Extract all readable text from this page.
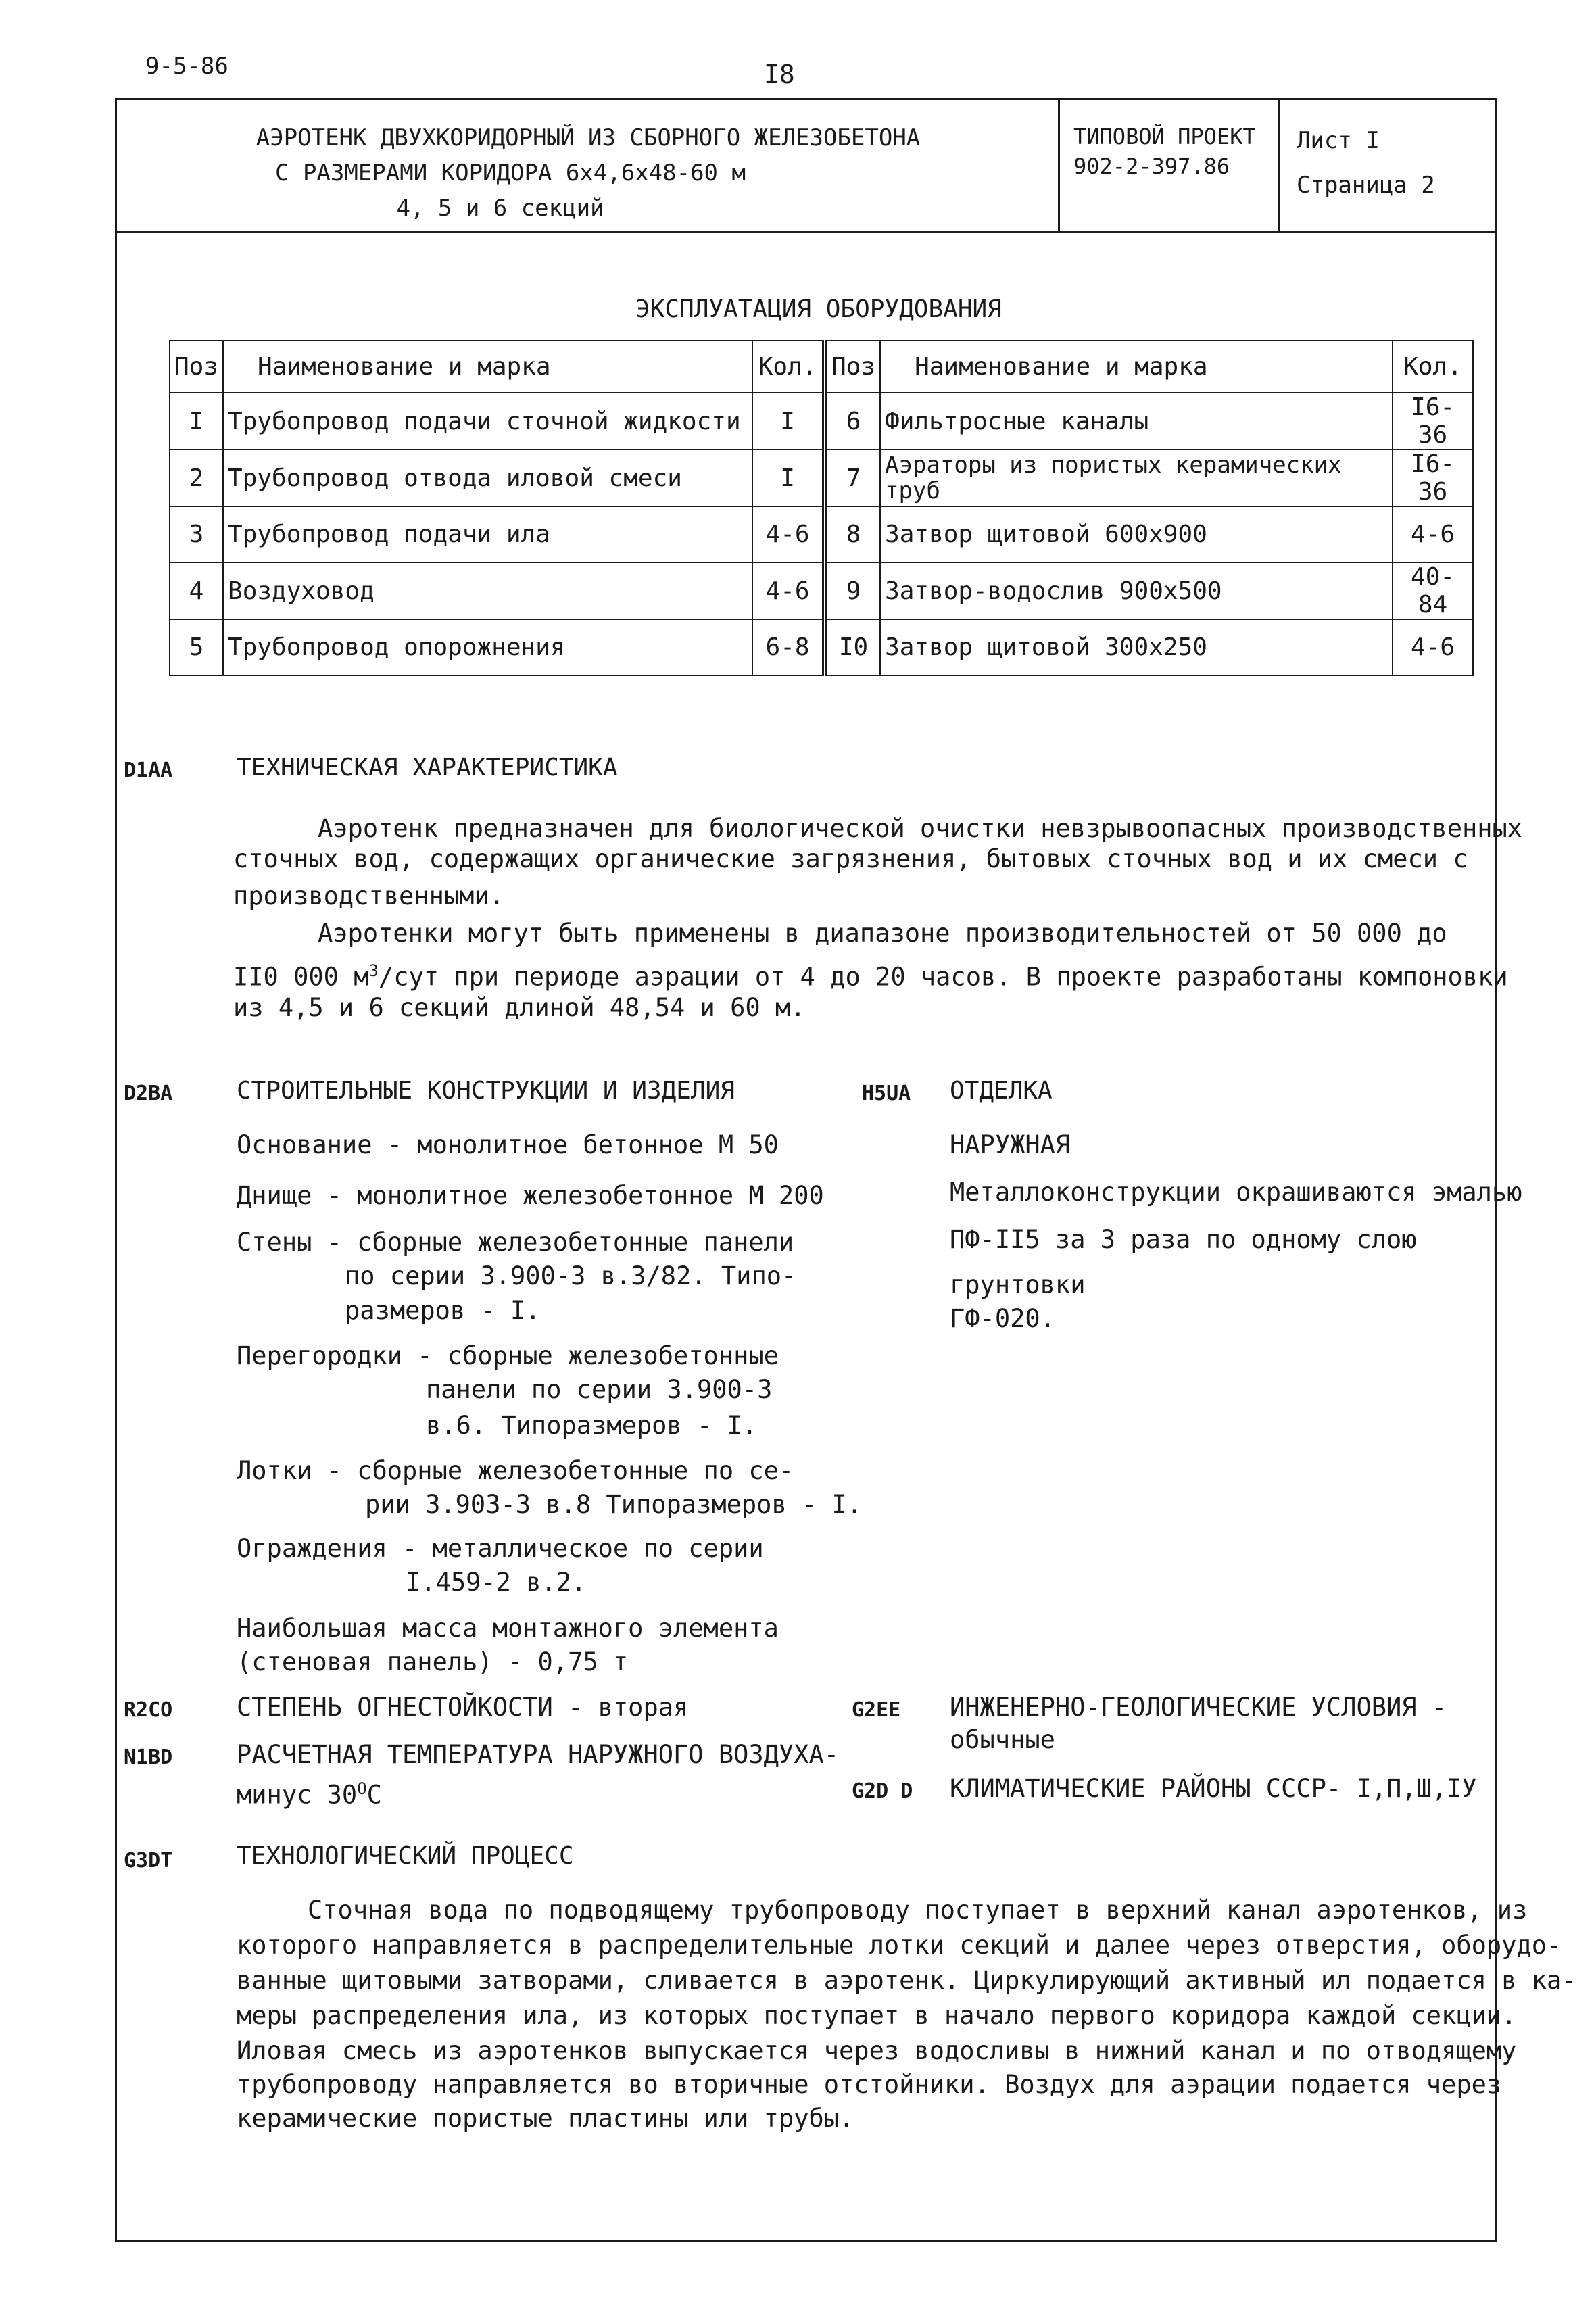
9-5-86	I8
АЭРОТЕНК ДВУХКОРИДОРНЫЙ ИЗ СБОРНОГО ЖЕЛЕЗОБЕТОНА
С РАЗМЕРАМИ КОРИДОРА 6х4,6х48-60 м
4, 5 и 6 секций
ТИПОВОЙ ПРОЕКТ
902-2-397.86
Лист I
Страница 2
ЭКСПЛУАТАЦИЯ ОБОРУДОВАНИЯ
Поз	Наименование и марка	Кол.	Поз	Наименование и марка	Кол.
I	Трубопровод подачи сточной жидкости	I	6	Фильтросные каналы	I6-36
2	Трубопровод отвода иловой смеси	I	7	Аэраторы из пористых керамических труб	I6-36
3	Трубопровод подачи ила	4-6	8	Затвор щитовой 600х900	4-6
4	Воздуховод	4-6	9	Затвор-водослив 900х500	40-84
5	Трубопровод опорожнения	6-8	I0	Затвор щитовой 300х250	4-6
D1AA	ТЕХНИЧЕСКАЯ ХАРАКТЕРИСТИКА
Аэротенк предназначен для биологической очистки невзрывоопасных производственных
сточных вод, содержащих органические загрязнения, бытовых сточных вод и их смеси с
производственными.
Аэротенки могут быть применены в диапазоне производительностей от 50 000 до
II0 000 $м^3$/сут при периоде аэрации от 4 до 20 часов. В проекте разработаны компоновки
из 4,5 и 6 секций длиной 48,54 и 60 м.
D2BA	СТРОИТЕЛЬНЫЕ КОНСТРУКЦИИ И ИЗДЕЛИЯ
Основание - монолитное бетонное М 50
Днище - монолитное железобетонное М 200
Стены - сборные железобетонные панели
по серии 3.900-3 в.3/82. Типо-
размеров - I.
Перегородки - сборные железобетонные
панели по серии 3.900-3
в.6. Типоразмеров - I.
Лотки - сборные железобетонные по се-
рии 3.903-3 в.8 Типоразмеров - I.
Ограждения - металлическое по серии
I.459-2 в.2.
Наибольшая масса монтажного элемента
(стеновая панель) - 0,75 т
H5UA ОТДЕЛКА
НАРУЖНАЯ
Металлоконструкции окрашиваются эмалью
ПФ-II5 за 3 раза по одному слою
грунтовки
ГФ-020.
R2CO	СТЕПЕНЬ ОГНЕСТОЙКОСТИ - вторая
N1BD	РАСЧЕТНАЯ ТЕМПЕРАТУРА НАРУЖНОГО ВОЗДУХА-
минус $30^OС$
G2EE ИНЖЕНЕРНО-ГЕОЛОГИЧЕСКИЕ УСЛОВИЯ -
обычные
G2D D КЛИМАТИЧЕСКИЕ РАЙОНЫ СССР- I,П,Ш,IУ
G3DT	ТЕХНОЛОГИЧЕСКИЙ ПРОЦЕСС
Сточная вода по подводящему трубопроводу поступает в верхний канал аэротенков, из
которого направляется в распределительные лотки секций и далее через отверстия, оборудо-
ванные щитовыми затворами, сливается в аэротенк. Циркулирующий активный ил подается в ка-
меры распределения ила, из которых поступает в начало первого коридора каждой секции.
Иловая смесь из аэротенков выпускается через водосливы в нижний канал и по отводящему
трубопроводу направляется во вторичные отстойники. Воздух для аэрации подается через
керамические пористые пластины или трубы.
